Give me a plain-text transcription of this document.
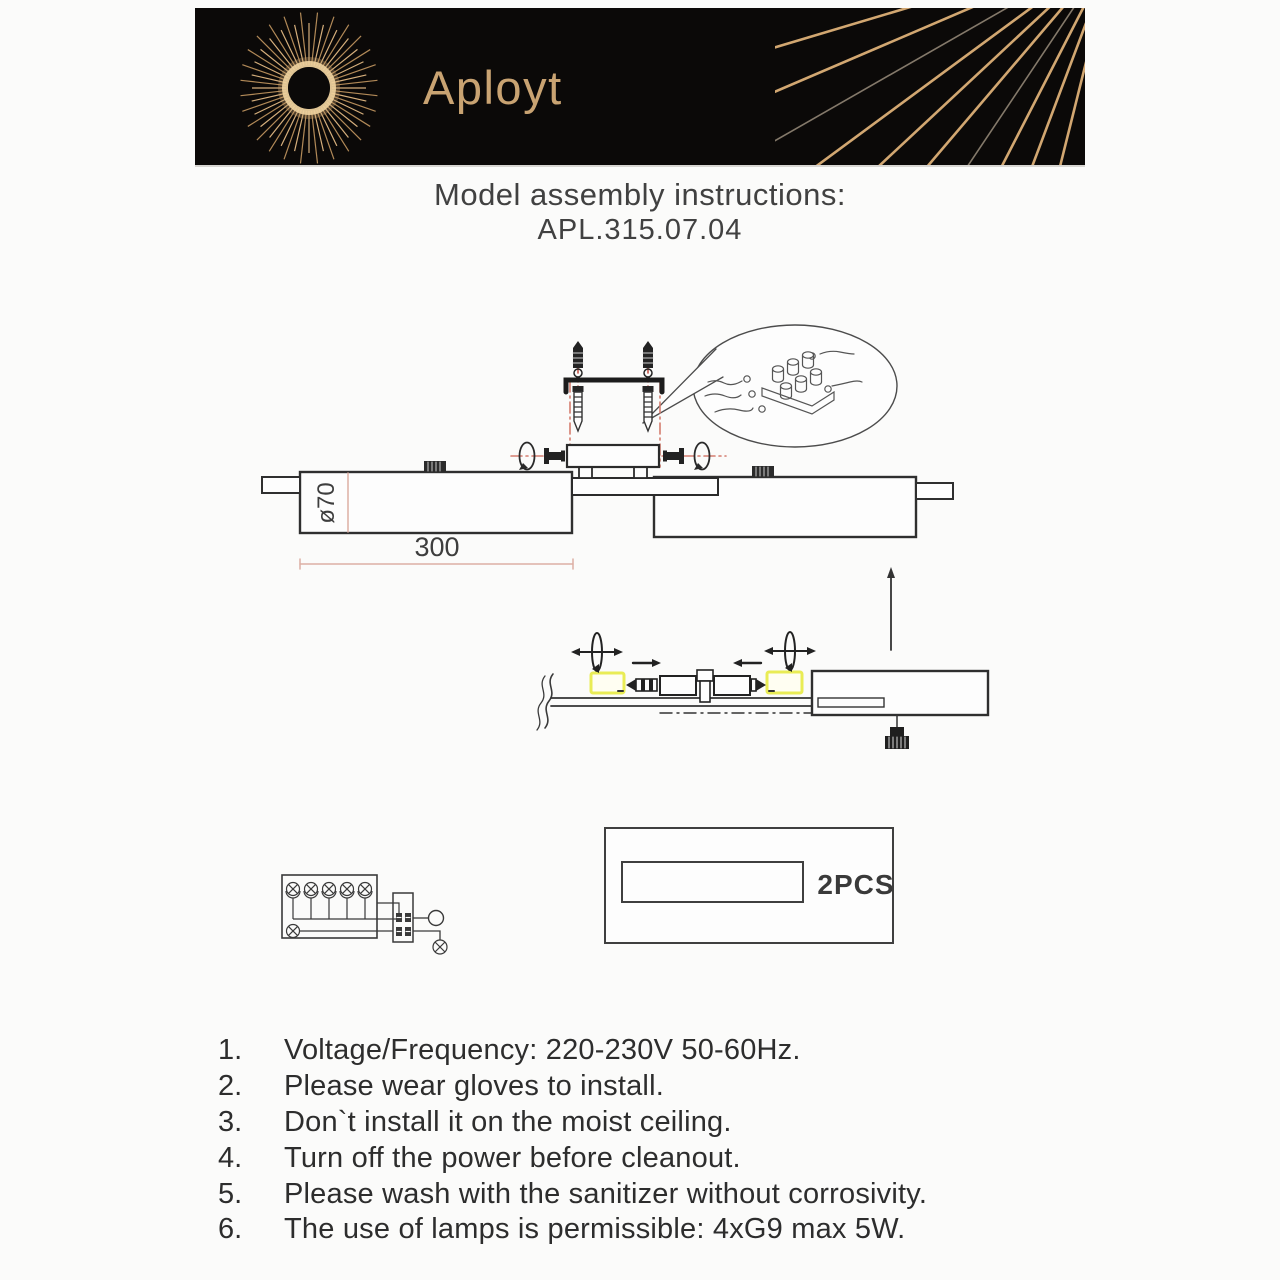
Aployt
Model assembly instructions:
APL.315.07.04
ø70
300
2PCS
1.	Voltage/Frequency: 220-230V 50-60Hz.
2.	Please wear gloves to install.
3.	Don`t install it on the moist ceiling.
4.	Turn off the power before cleanout.
5.	Please wash with the sanitizer without corrosivity.
6.	The use of lamps is permissible: 4xG9 max 5W.
